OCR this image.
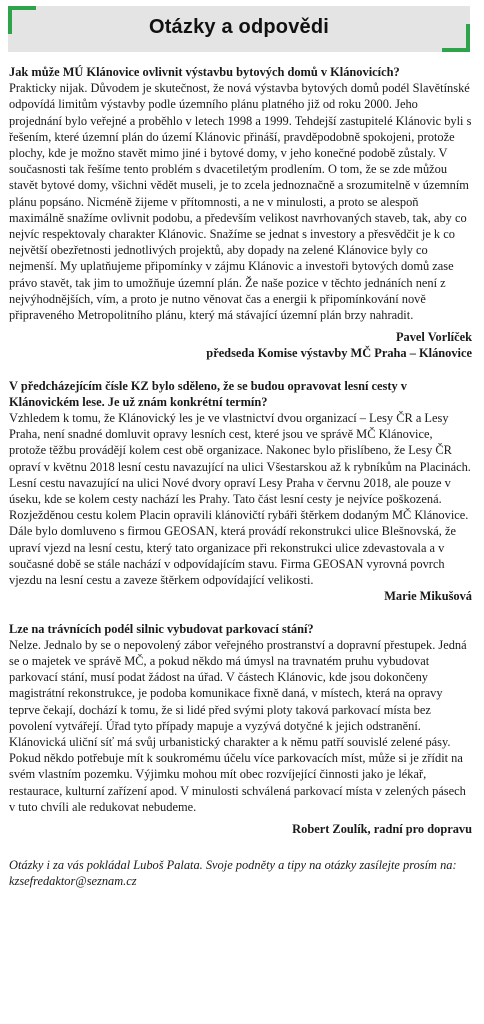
Otázky a odpovědi

Jak může MÚ Klánovice ovlivnit výstavbu bytových domů v Klánovicích?

Prakticky nijak. Důvodem je skutečnost, že nová výstavba bytových domů podél Slavětínské odpovídá limitům výstavby podle územního plánu platného již od roku 2000. Jeho projednání bylo veřejné a proběhlo v letech 1998 a 1999. Tehdejší zastupitelé Klánovic byli s řešením, které územní plán do území Klánovic přináší, pravděpodobně spokojeni, protože plochy, kde je možno stavět mimo jiné i bytové domy, v jeho konečné podobě zůstaly. V současnosti tak řešíme tento problém s dvacetiletým prodlením. O tom, že se zde můžou stavět bytové domy, všichni vědět museli, je to zcela jednoznačně a srozumitelně v územním plánu popsáno. Nicméně žijeme v přítomnosti, a ne v minulosti, a proto se alespoň maximálně snažíme ovlivnit podobu, a především velikost navrhovaných staveb, tak, aby co nejvíc respektovaly charakter Klánovic. Snažíme se jednat s investory a přesvědčit je k co největší obezřetnosti jednotlivých projektů, aby dopady na zelené Klánovice byly co nejmenší. My uplatňujeme připomínky v zájmu Klánovic a investoři bytových domů zase právo stavět, tak jim to umožňuje územní plán. Že naše pozice v těchto jednáních není z nejvýhodnějších, vím, a proto je nutno věnovat čas a energii k připomínkování nově připraveného Metropolitního plánu, který má stávající územní plán brzy nahradit.

Pavel Vorlíček

předseda Komise výstavby MČ Praha – Klánovice

V předcházejícím čísle KZ bylo sděleno, že se budou opravovat lesní cesty v Klánovickém lese. Je už znám konkrétní termín?

Vzhledem k tomu, že Klánovický les je ve vlastnictví dvou organizací – Lesy ČR a Lesy Praha, není snadné domluvit opravy lesních cest, které jsou ve správě MČ Klánovice, protože těžbu provádějí kolem cest obě organizace. Nakonec bylo přislíbeno, že Lesy ČR opraví v květnu 2018 lesní cestu navazující na ulici Všestarskou až k rybníkům na Placinách. Lesní cestu navazující na ulici Nové dvory opraví Lesy Praha v červnu 2018, ale pouze v úseku, kde se kolem cesty nachází les Prahy. Tato část lesní cesty je nejvíce poškozená. Rozježděnou cestu kolem Placin opravili klánovičtí rybáři štěrkem dodaným MČ Klánovice. Dále bylo domluveno s firmou GEOSAN, která provádí rekonstrukci ulice Blešnovská, že upraví vjezd na lesní cestu, který tato organizace při rekonstrukci ulice zdevastovala a v současné době se stále nachází v odpovídajícím stavu. Firma GEOSAN vyrovná povrch vjezdu na lesní cestu a zaveze štěrkem odpovídající velikosti.

Marie Mikušová

Lze na trávnících podél silnic vybudovat parkovací stání?

Nelze. Jednalo by se o nepovolený zábor veřejného prostranství a dopravní přestupek. Jedná se o majetek ve správě MČ, a pokud někdo má úmysl na travnatém pruhu vybudovat parkovací stání, musí podat žádost na úřad. V částech Klánovic, kde jsou dokončeny magistrátní rekonstrukce, je podoba komunikace fixně daná, v místech, která na opravy teprve čekají, dochází k tomu, že si lidé před svými ploty taková parkovací místa bez povolení vytvářejí. Úřad tyto případy mapuje a vyzývá dotyčné k jejich odstranění. Klánovická uliční síť má svůj urbanistický charakter a k němu patří souvislé zelené pásy. Pokud někdo potřebuje mít k soukromému účelu více parkovacích míst, může si je zřídit na svém vlastním pozemku. Výjimku mohou mít obec rozvíjející činnosti jako je lékař, restaurace, kulturní zařízení apod. V minulosti schválená parkovací místa v zelených pásech v tuto chvíli ale redukovat nebudeme.

Robert Zoulík, radní pro dopravu

Otázky i za vás pokládal Luboš Palata. Svoje podněty a tipy na otázky zasílejte prosím na:
kzsefredaktor@seznam.cz
